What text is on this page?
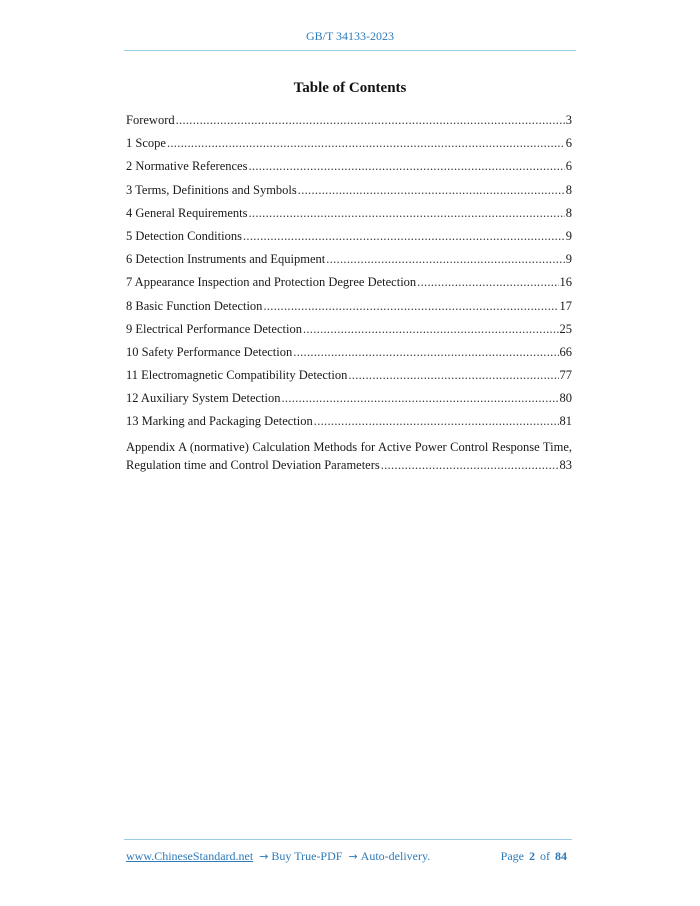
GB/T 34133-2023
Table of Contents
Foreword .....	3
1 Scope .....	6
2 Normative References .....	6
3 Terms, Definitions and Symbols .....	8
4 General Requirements .....	8
5 Detection Conditions .....	9
6 Detection Instruments and Equipment .....	9
7 Appearance Inspection and Protection Degree Detection .....	16
8 Basic Function Detection .....	17
9 Electrical Performance Detection .....	25
10 Safety Performance Detection .....	66
11 Electromagnetic Compatibility Detection .....	77
12 Auxiliary System Detection .....	80
13 Marking and Packaging Detection .....	81
Appendix A (normative) Calculation Methods for Active Power Control Response Time,
Regulation time and Control Deviation Parameters .....	83
www.ChineseStandard.net → Buy True-PDF → Auto-delivery.	Page 2 of 84
